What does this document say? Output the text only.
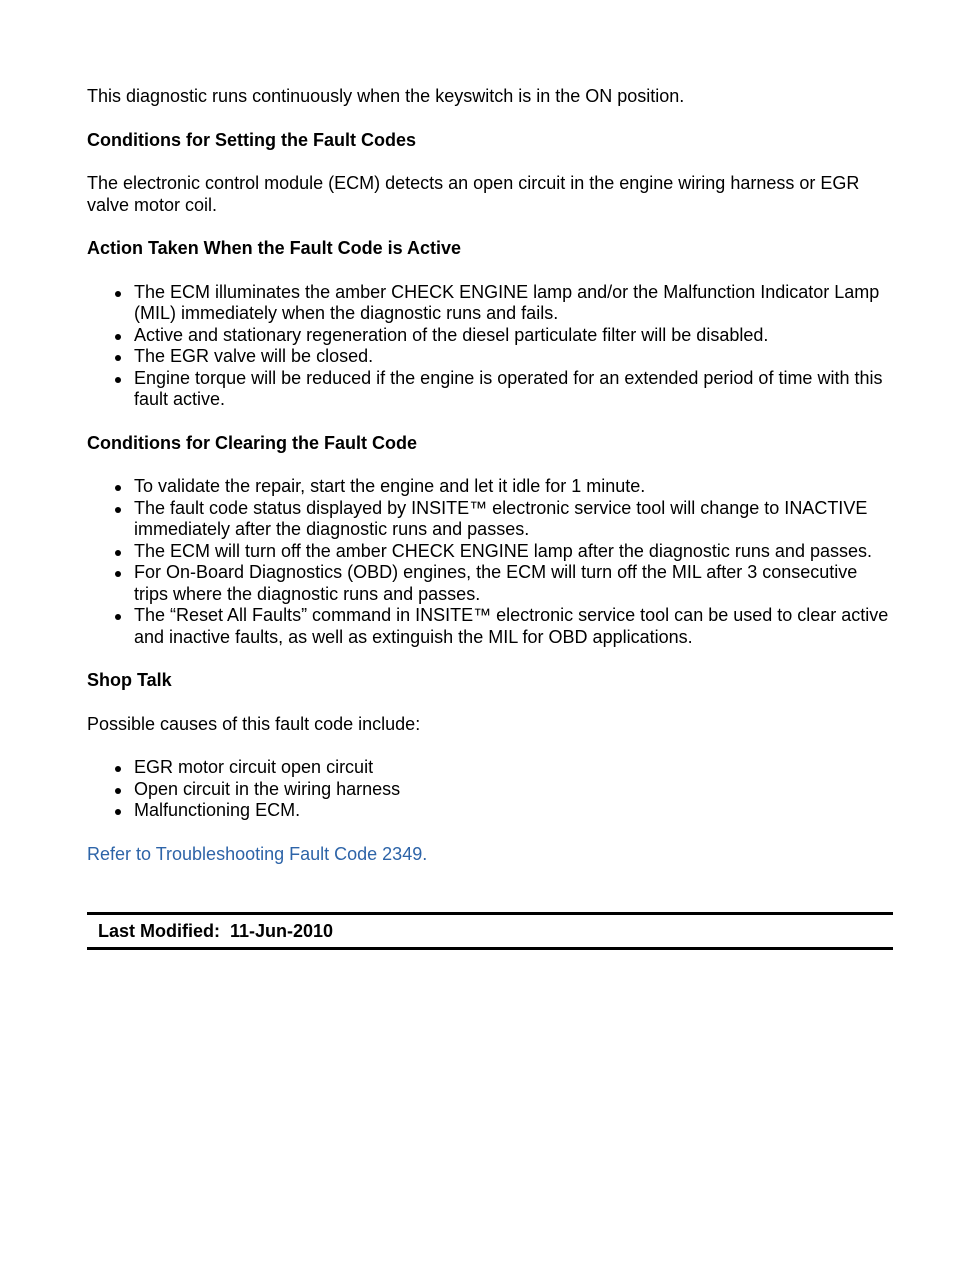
This diagnostic runs continuously when the keyswitch is in the ON position.

Conditions for Setting the Fault Codes

The electronic control module (ECM) detects an open circuit in the engine wiring harness or EGR valve motor coil.

Action Taken When the Fault Code is Active
The ECM illuminates the amber CHECK ENGINE lamp and/or the Malfunction Indicator Lamp (MIL) immediately when the diagnostic runs and fails.
Active and stationary regeneration of the diesel particulate filter will be disabled.
The EGR valve will be closed.
Engine torque will be reduced if the engine is operated for an extended period of time with this fault active.
Conditions for Clearing the Fault Code
To validate the repair, start the engine and let it idle for 1 minute.
The fault code status displayed by INSITE™ electronic service tool will change to INACTIVE immediately after the diagnostic runs and passes.
The ECM will turn off the amber CHECK ENGINE lamp after the diagnostic runs and passes.
For On-Board Diagnostics (OBD) engines, the ECM will turn off the MIL after 3 consecutive trips where the diagnostic runs and passes.
The “Reset All Faults” command in INSITE™ electronic service tool can be used to clear active and inactive faults, as well as extinguish the MIL for OBD applications.
Shop Talk

Possible causes of this fault code include:

EGR motor circuit open circuit
Open circuit in the wiring harness
Malfunctioning ECM.

Refer to Troubleshooting Fault Code 2349.

Last Modified:  11-Jun-2010
